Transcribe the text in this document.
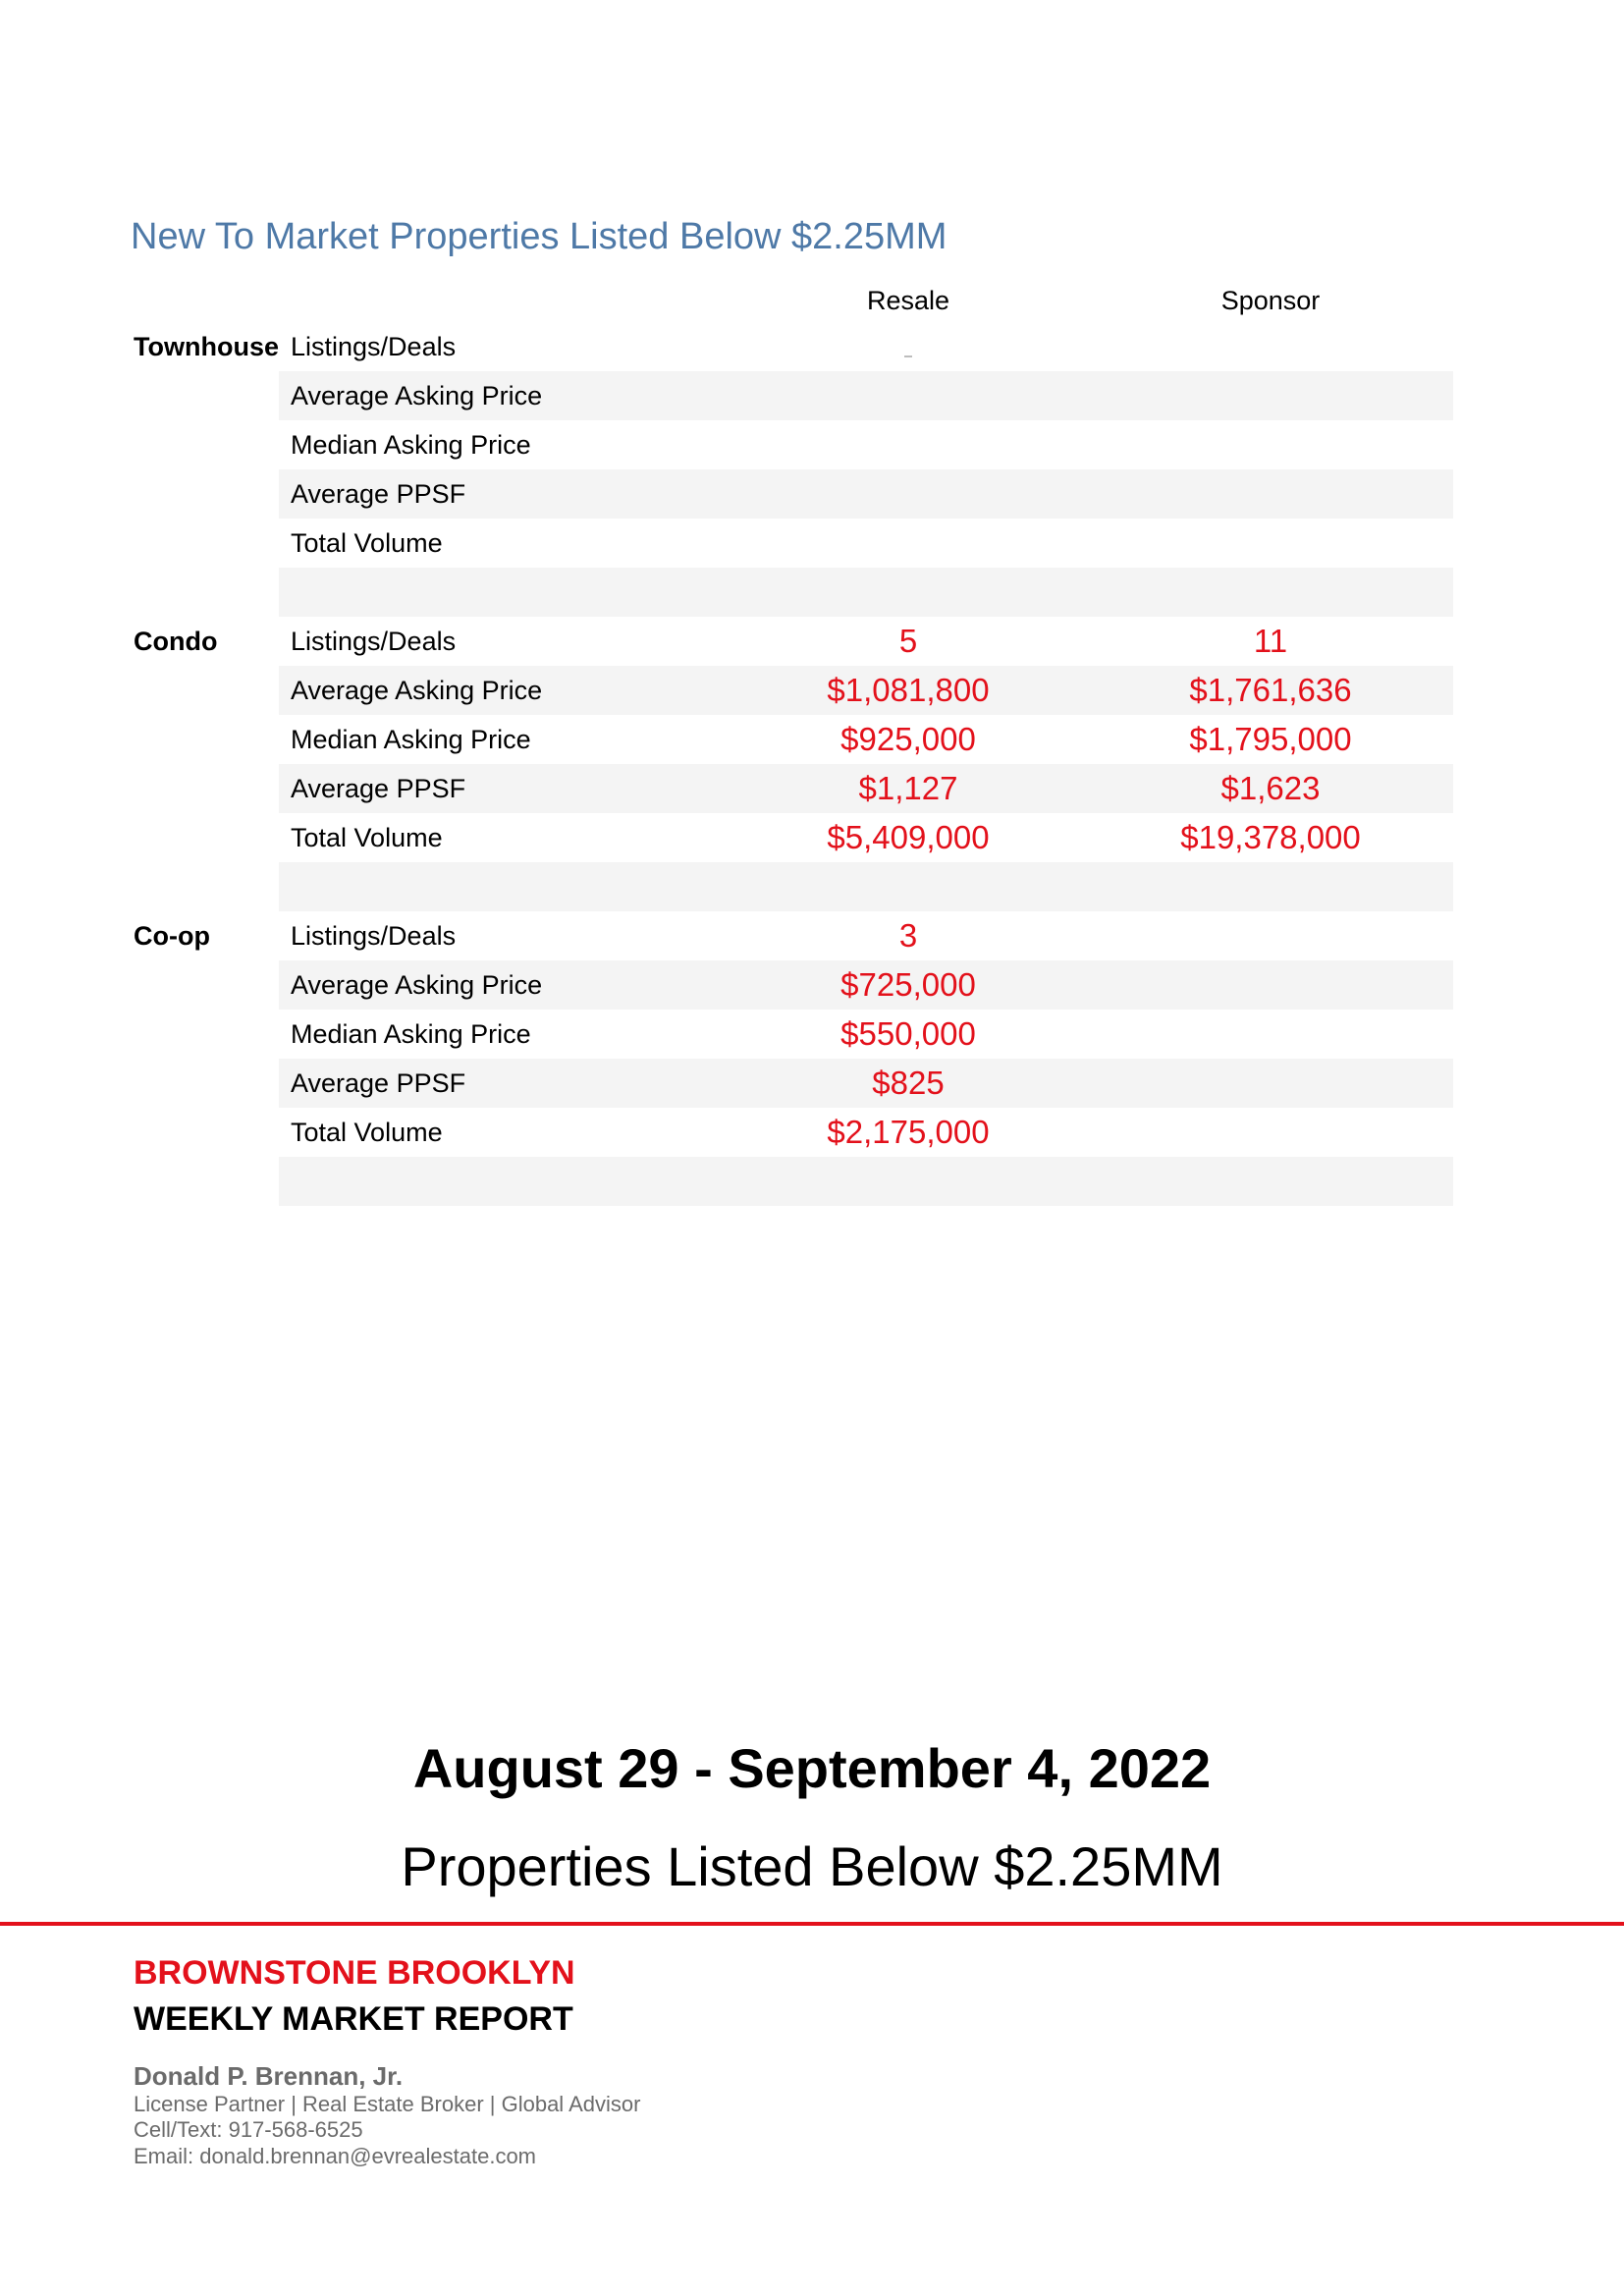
New To Market Properties Listed Below $2.25MM
Resale	Sponsor
Townhouse Listings/Deals
Average Asking Price
Median Asking Price
Average PPSF
Total Volume
Condo	Listings/Deals	5	11
Average Asking Price	$1,081,800	$1,761,636
Median Asking Price	$925,000	$1,795,000
Average PPSF	$1,127	$1,623
Total Volume	$5,409,000	$19,378,000
Co-op	Listings/Deals	3
Average Asking Price	$725,000
Median Asking Price	$550,000
Average PPSF	$825
Total Volume	$2,175,000
August 29 - September 4, 2022
Properties Listed Below $2.25MM
BROWNSTONE BROOKLYN
WEEKLY MARKET REPORT
Donald P. Brennan, Jr.
License Partner | Real Estate Broker | Global Advisor
Cell/Text: 917-568-6525
Email: donald.brennan@evrealestate.com
